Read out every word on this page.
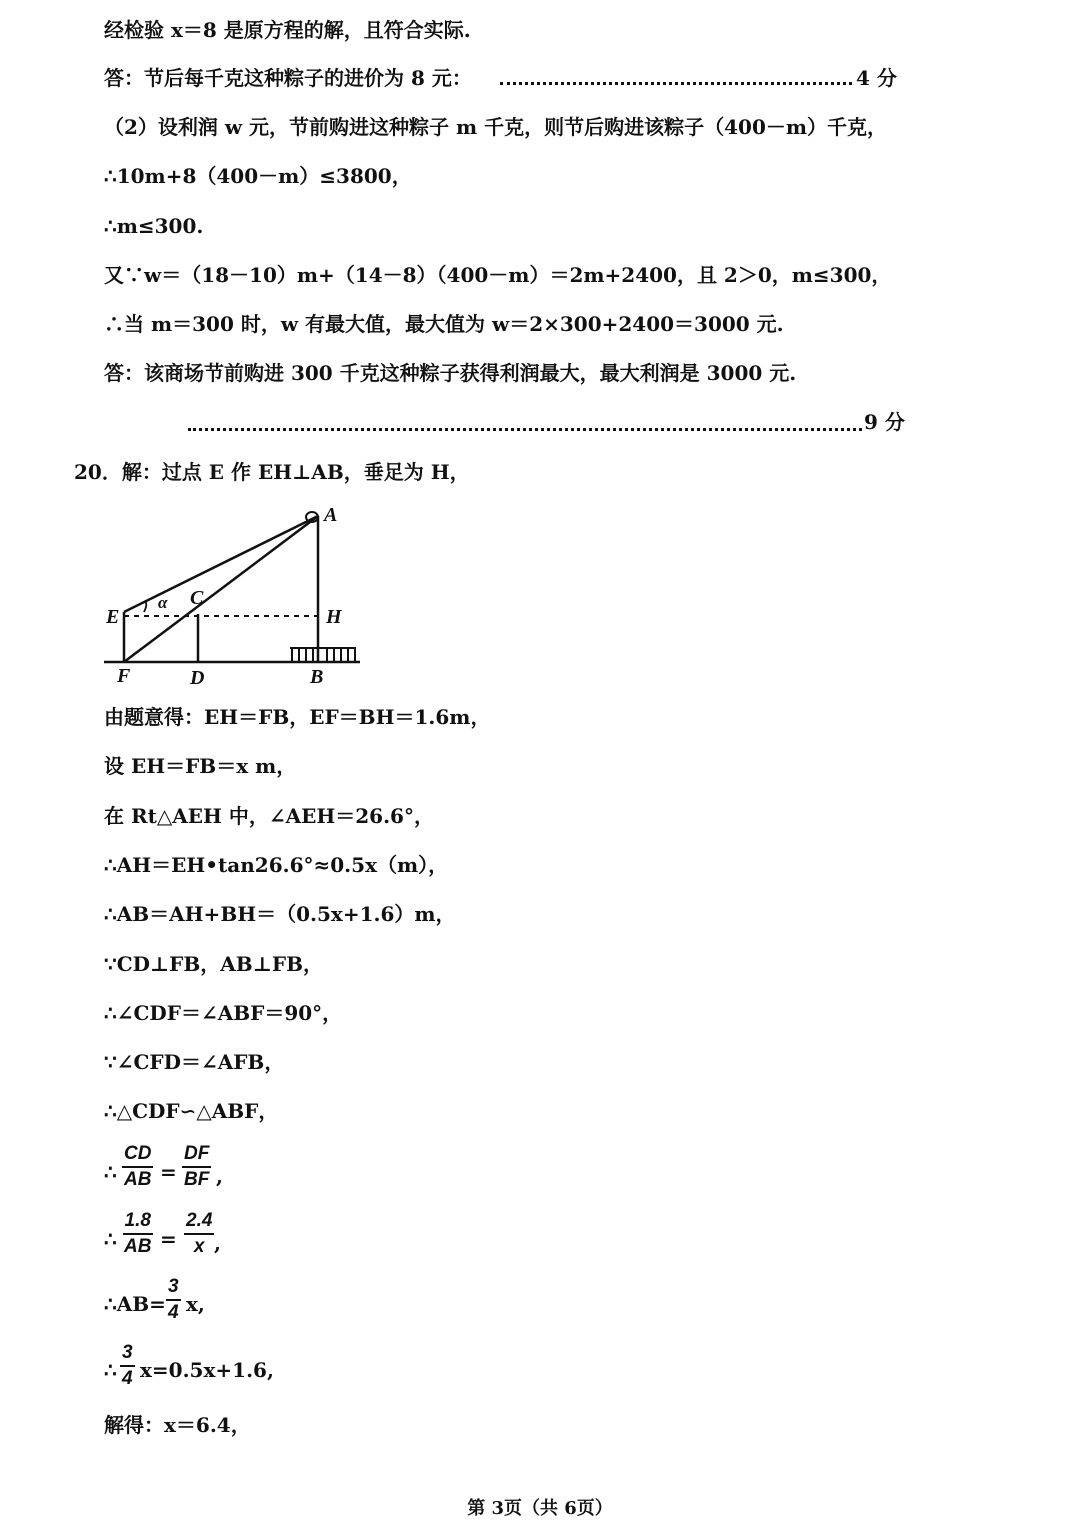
经检验 x＝8 是原方程的解，且符合实际.
答：节后每千克这种粽子的进价为 8 元：	4 分
（2）设利润 w 元，节前购进这种粽子 m 千克，则节后购进该粽子（400－m）千克，
∴10m+8（400－m）≤3800，
∴m≤300.
又∵w＝（18－10）m+（14－8）（400－m）＝2m+2400，且 2＞0，m≤300，
∴当 m＝300 时，w 有最大值，最大值为 w＝2×300+2400＝3000 元.
答：该商场节前购进 300 千克这种粽子获得利润最大，最大利润是 3000 元.
9 分
20．解：过点 E 作 EH⊥AB，垂足为 H，
A
E	H
C
F	D	B
α
由题意得：EH＝FB，EF＝BH＝1.6m，
设 EH＝FB＝x m，
在 Rt△AEH 中，∠AEH＝26.6°，
∴AH＝EH•tan26.6°≈0.5x（m），
∴AB＝AH+BH＝（0.5x+1.6）m，
∵CD⊥FB，AB⊥FB，
∴∠CDF＝∠ABF＝90°，
∵∠CFD＝∠AFB，
∴△CDF∽△ABF，
∴ $\frac{CD}{AB} = \frac{DF}{BF}$ ,
∴ $\frac{1.8}{AB} = \frac{2.4}{x}$ ,
∴AB= $\frac{3}{4} x$,
∴ $\frac{3}{4} x=0.5x+1.6$,
解得：x＝6.4，
第 3页（共 6页）
